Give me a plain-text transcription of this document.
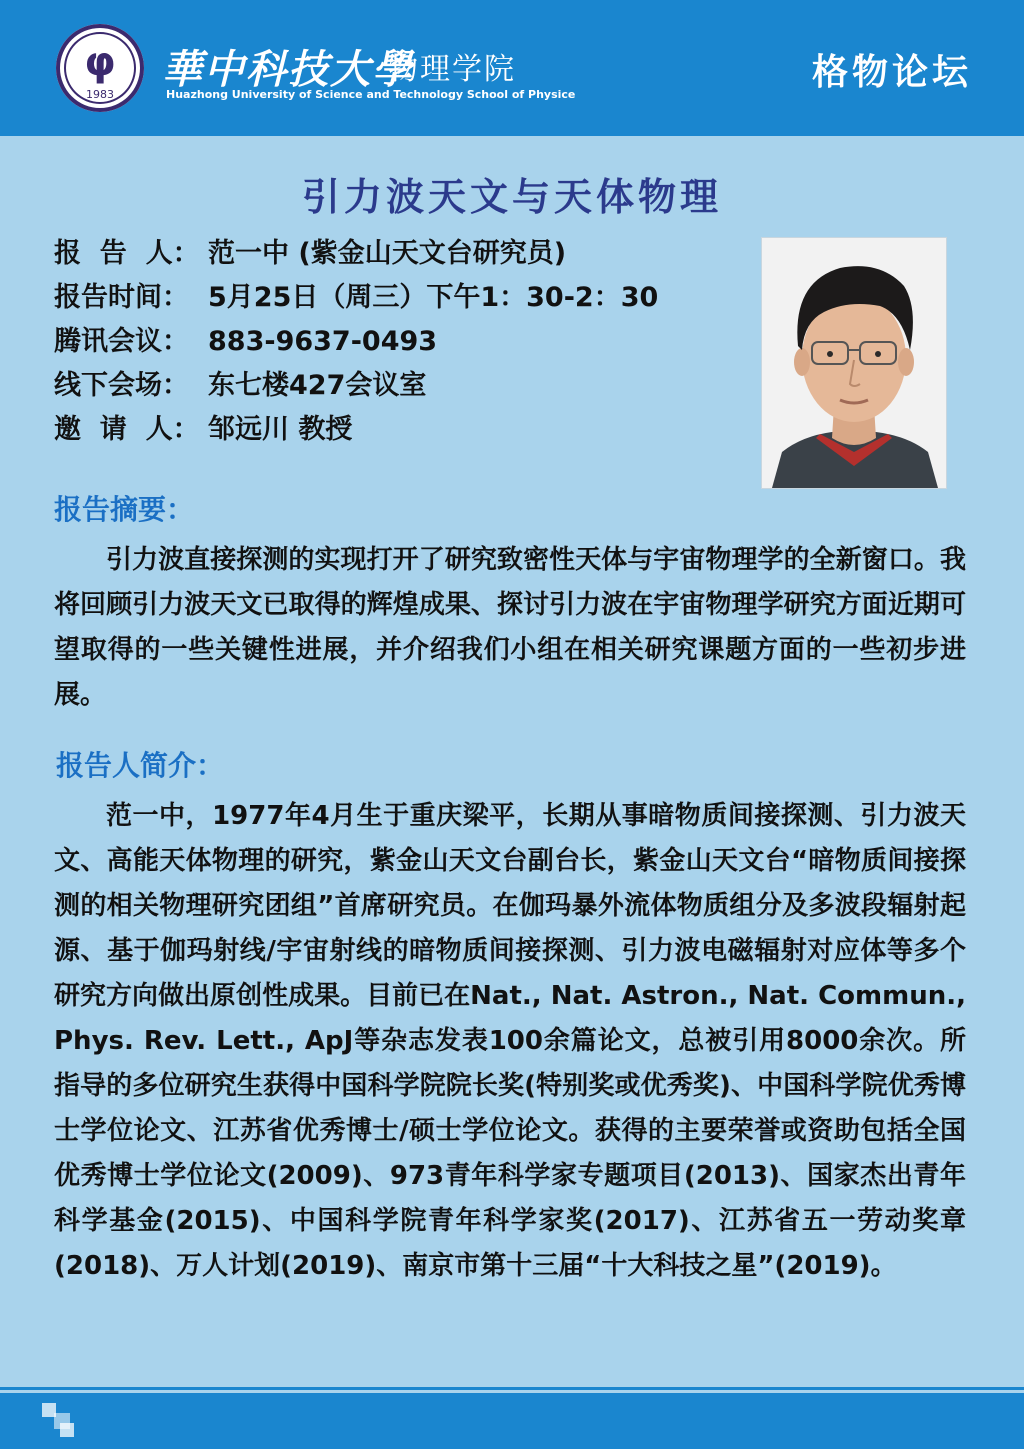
φ
1983
華中科技大學
物理学院
Huazhong University of Science and Technology School of Physice
格物论坛
引力波天文与天体物理
报  告  人： 范一中 (紫金山天文台研究员)
报告时间： 5月25日（周三）下午1：30-2：30
腾讯会议： 883-9637-0493
线下会场： 东七楼427会议室
邀  请  人： 邹远川 教授
报告摘要：
引力波直接探测的实现打开了研究致密性天体与宇宙物理学的全新窗口。我将回顾引力波天文已取得的辉煌成果、探讨引力波在宇宙物理学研究方面近期可望取得的一些关键性进展，并介绍我们小组在相关研究课题方面的一些初步进展。
报告人简介：
范一中，1977年4月生于重庆梁平，长期从事暗物质间接探测、引力波天文、高能天体物理的研究，紫金山天文台副台长，紫金山天文台“暗物质间接探测的相关物理研究团组”首席研究员。在伽玛暴外流体物质组分及多波段辐射起源、基于伽玛射线/宇宙射线的暗物质间接探测、引力波电磁辐射对应体等多个研究方向做出原创性成果。目前已在Nat., Nat. Astron., Nat. Commun., Phys. Rev. Lett., ApJ等杂志发表100余篇论文，总被引用8000余次。所指导的多位研究生获得中国科学院院长奖(特别奖或优秀奖)、中国科学院优秀博士学位论文、江苏省优秀博士/硕士学位论文。获得的主要荣誉或资助包括全国优秀博士学位论文(2009)、973青年科学家专题项目(2013)、国家杰出青年科学基金(2015)、中国科学院青年科学家奖(2017)、江苏省五一劳动奖章(2018)、万人计划(2019)、南京市第十三届“十大科技之星”(2019)。
